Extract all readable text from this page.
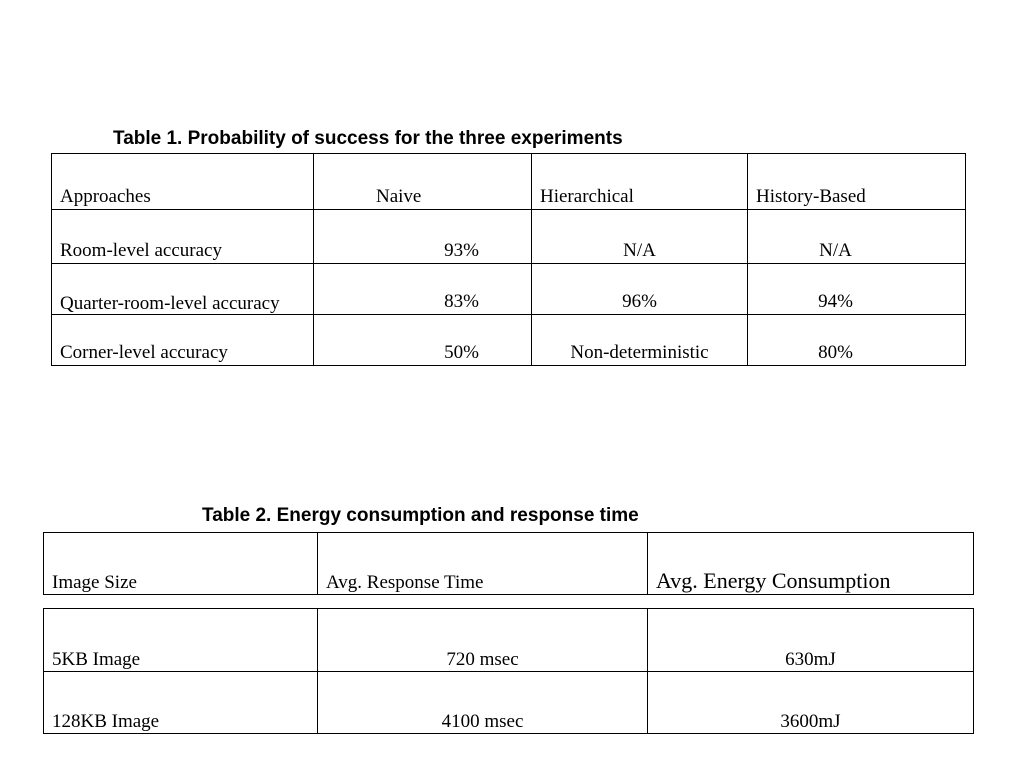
Table 1. Probability of success for the three experiments
Approaches	Naive	Hierarchical	History-Based
Room-level accuracy	93%	N/A	N/A

Quarter-room-level accuracy	83%	96%	94%
Corner-level accuracy	50%	Non-deterministic	80%
Table 2. Energy consumption and response time
Image Size	Avg. Response Time	Avg. Energy Consumption
5KB Image	720 msec	630mJ
128KB Image	4100 msec	3600mJ
